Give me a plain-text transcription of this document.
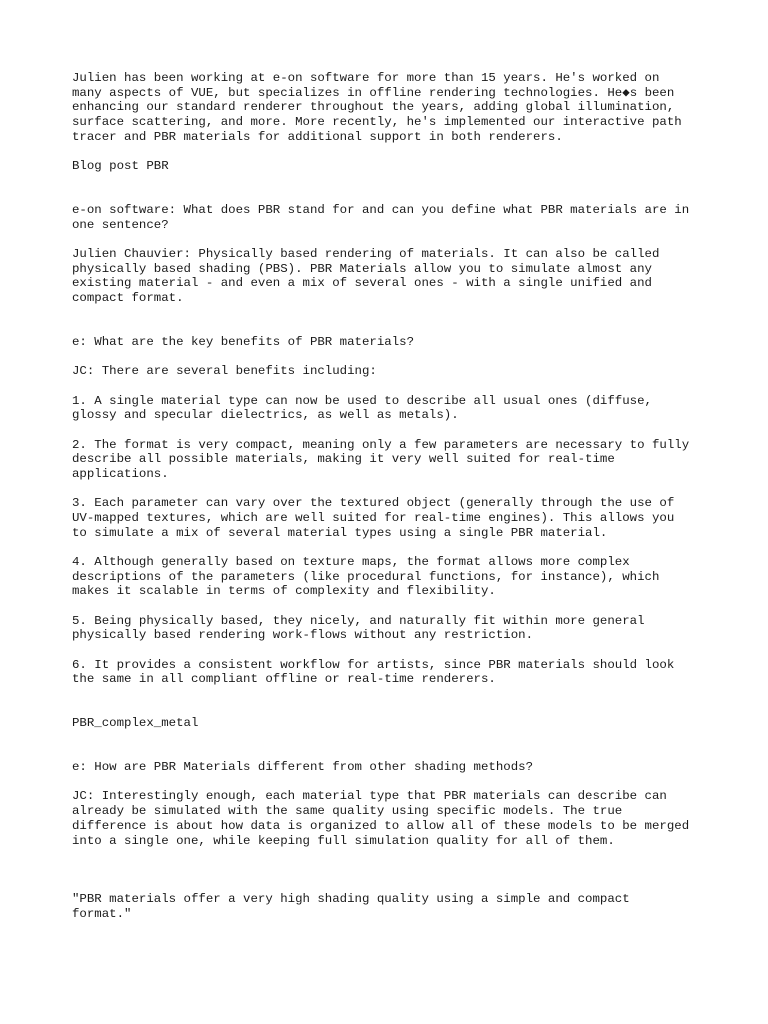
Julien has been working at e-on software for more than 15 years. He's worked on
many aspects of VUE, but specializes in offline rendering technologies. He◆s been
enhancing our standard renderer throughout the years, adding global illumination,
surface scattering, and more. More recently, he's implemented our interactive path
tracer and PBR materials for additional support in both renderers.
Blog post PBR
e-on software: What does PBR stand for and can you define what PBR materials are in
one sentence?
Julien Chauvier: Physically based rendering of materials. It can also be called
physically based shading (PBS). PBR Materials allow you to simulate almost any
existing material - and even a mix of several ones - with a single unified and
compact format.
e: What are the key benefits of PBR materials?
JC: There are several benefits including:
1. A single material type can now be used to describe all usual ones (diffuse,
glossy and specular dielectrics, as well as metals).
2. The format is very compact, meaning only a few parameters are necessary to fully
describe all possible materials, making it very well suited for real-time
applications.
3. Each parameter can vary over the textured object (generally through the use of
UV-mapped textures, which are well suited for real-time engines). This allows you
to simulate a mix of several material types using a single PBR material.
4. Although generally based on texture maps, the format allows more complex
descriptions of the parameters (like procedural functions, for instance), which
makes it scalable in terms of complexity and flexibility.
5. Being physically based, they nicely, and naturally fit within more general
physically based rendering work-flows without any restriction.
6. It provides a consistent workflow for artists, since PBR materials should look
the same in all compliant offline or real-time renderers.
PBR_complex_metal
e: How are PBR Materials different from other shading methods?
JC: Interestingly enough, each material type that PBR materials can describe can
already be simulated with the same quality using specific models. The true
difference is about how data is organized to allow all of these models to be merged
into a single one, while keeping full simulation quality for all of them.
"PBR materials offer a very high shading quality using a simple and compact
format."
